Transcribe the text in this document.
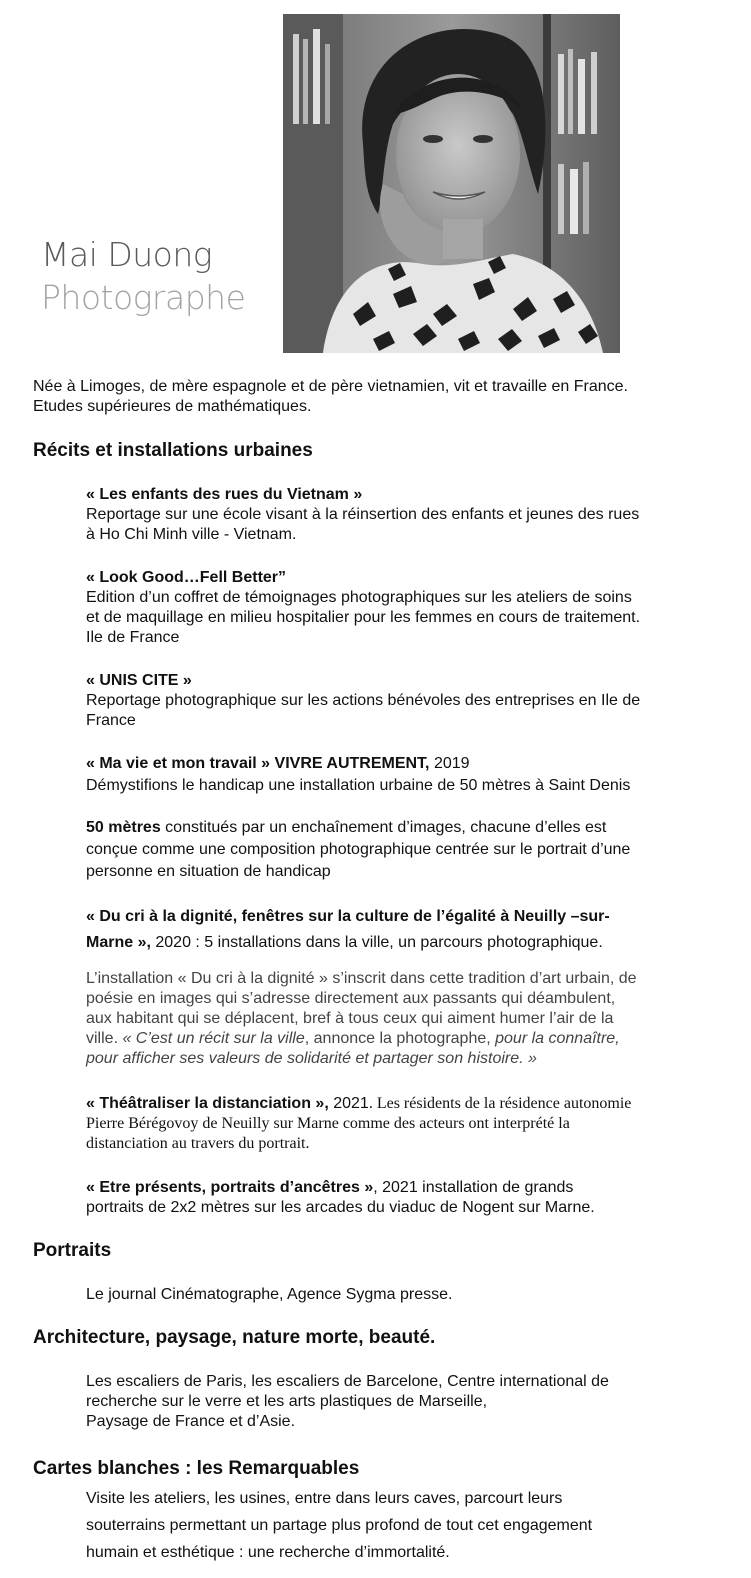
Mai Duong
Photographe
Née à Limoges, de mère espagnole et de père vietnamien, vit et travaille en France.
Etudes supérieures de mathématiques.
Récits et installations urbaines
« Les enfants des rues du Vietnam »
Reportage sur une école visant à la réinsertion des enfants et jeunes des rues
à Ho Chi Minh ville - Vietnam.
« Look Good…Fell Better”
Edition d’un coffret de témoignages photographiques sur les ateliers de soins
et de maquillage en milieu hospitalier pour les femmes en cours de traitement.
Ile de France
« UNIS CITE »
Reportage photographique sur les actions bénévoles des entreprises en Ile de
France
« Ma vie et mon travail » VIVRE AUTREMENT, 2019
Démystifions le handicap une installation urbaine de 50 mètres à Saint Denis
50 mètres constitués par un enchaînement d’images, chacune d’elles est
conçue comme une composition photographique centrée sur le portrait d’une
personne en situation de handicap
« Du cri à la dignité, fenêtres sur la culture de l’égalité à Neuilly –sur-
Marne », 2020 : 5 installations dans la ville, un parcours photographique.
L’installation « Du cri à la dignité » s’inscrit dans cette tradition d’art urbain, de
poésie en images qui s’adresse directement aux passants qui déambulent,
aux habitant qui se déplacent, bref à tous ceux qui aiment humer l’air de la
ville. « C’est un récit sur la ville, annonce la photographe, pour la connaître,
pour afficher ses valeurs de solidarité et partager son histoire. »
« Théâtraliser la distanciation », 2021. Les résidents de la résidence autonomie
Pierre Bérégovoy de Neuilly sur Marne comme des acteurs ont interprété la
distanciation au travers du portrait.
« Etre présents, portraits d’ancêtres », 2021 installation de grands
portraits de 2x2 mètres sur les arcades du viaduc de Nogent sur Marne.
Portraits
Le journal Cinématographe, Agence Sygma presse.
Architecture, paysage, nature morte, beauté.
Les escaliers de Paris, les escaliers de Barcelone, Centre international de
recherche sur le verre et les arts plastiques de Marseille,
Paysage de France et d’Asie.
Cartes blanches : les Remarquables
Visite les ateliers, les usines, entre dans leurs caves, parcourt leurs
souterrains permettant un partage plus profond de tout cet engagement
humain et esthétique : une recherche d’immortalité.
